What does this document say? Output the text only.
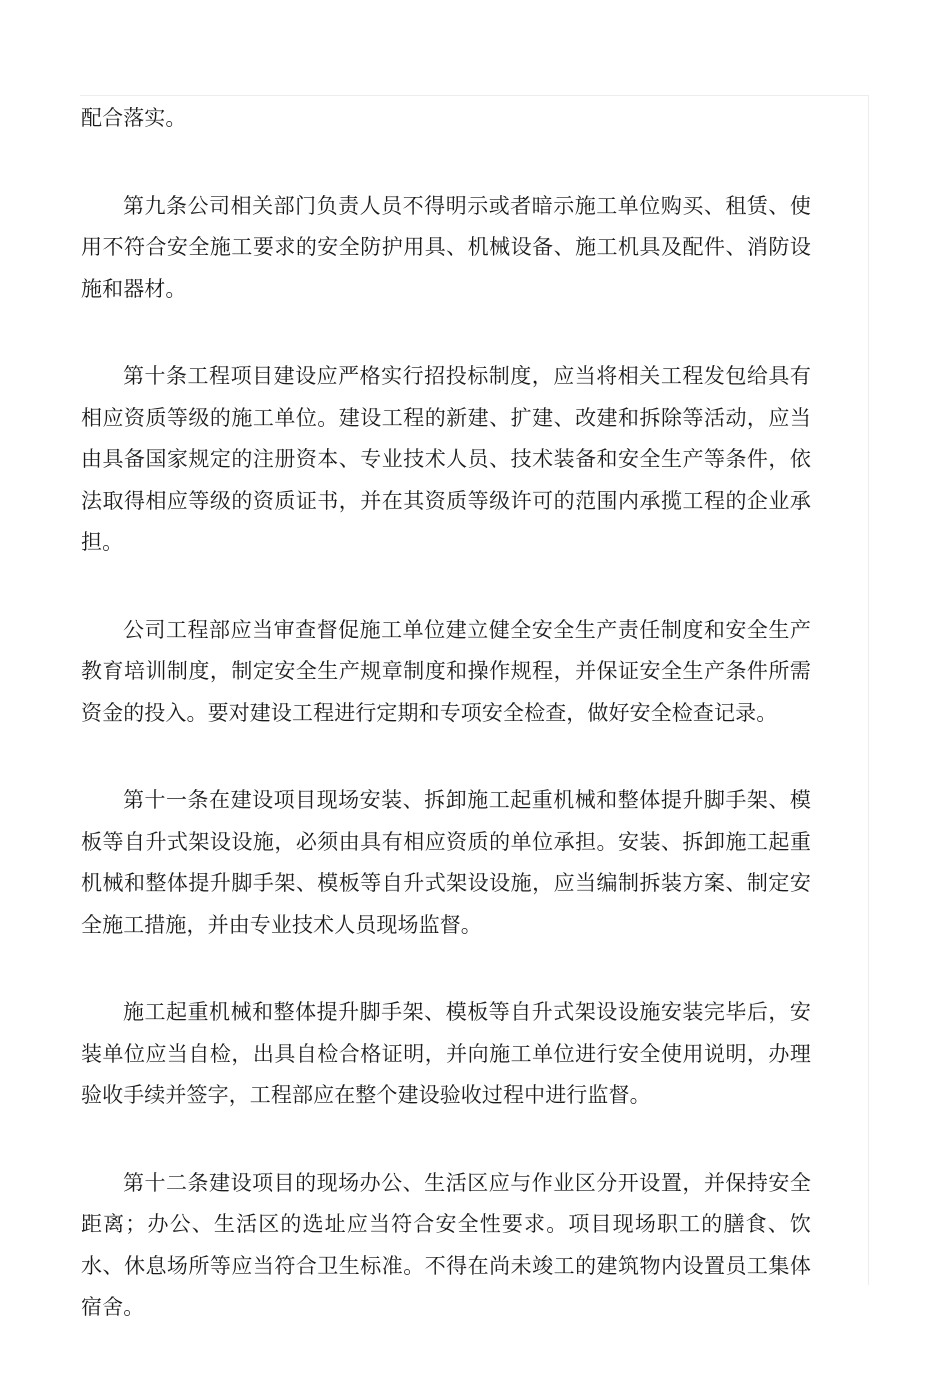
配合落实。

第九条公司相关部门负责人员不得明示或者暗示施工单位购买、租赁、使用不符合安全施工要求的安全防护用具、机械设备、施工机具及配件、消防设施和器材。

第十条工程项目建设应严格实行招投标制度，应当将相关工程发包给具有相应资质等级的施工单位。建设工程的新建、扩建、改建和拆除等活动，应当由具备国家规定的注册资本、专业技术人员、技术装备和安全生产等条件，依法取得相应等级的资质证书，并在其资质等级许可的范围内承揽工程的企业承担。

公司工程部应当审查督促施工单位建立健全安全生产责任制度和安全生产教育培训制度，制定安全生产规章制度和操作规程，并保证安全生产条件所需资金的投入。要对建设工程进行定期和专项安全检查，做好安全检查记录。

第十一条在建设项目现场安装、拆卸施工起重机械和整体提升脚手架、模板等自升式架设设施，必须由具有相应资质的单位承担。安装、拆卸施工起重机械和整体提升脚手架、模板等自升式架设设施，应当编制拆装方案、制定安全施工措施，并由专业技术人员现场监督。

施工起重机械和整体提升脚手架、模板等自升式架设设施安装完毕后，安装单位应当自检，出具自检合格证明，并向施工单位进行安全使用说明，办理验收手续并签字，工程部应在整个建设验收过程中进行监督。

第十二条建设项目的现场办公、生活区应与作业区分开设置，并保持安全距离；办公、生活区的选址应当符合安全性要求。项目现场职工的膳食、饮水、休息场所等应当符合卫生标准。不得在尚未竣工的建筑物内设置员工集体宿舍。
